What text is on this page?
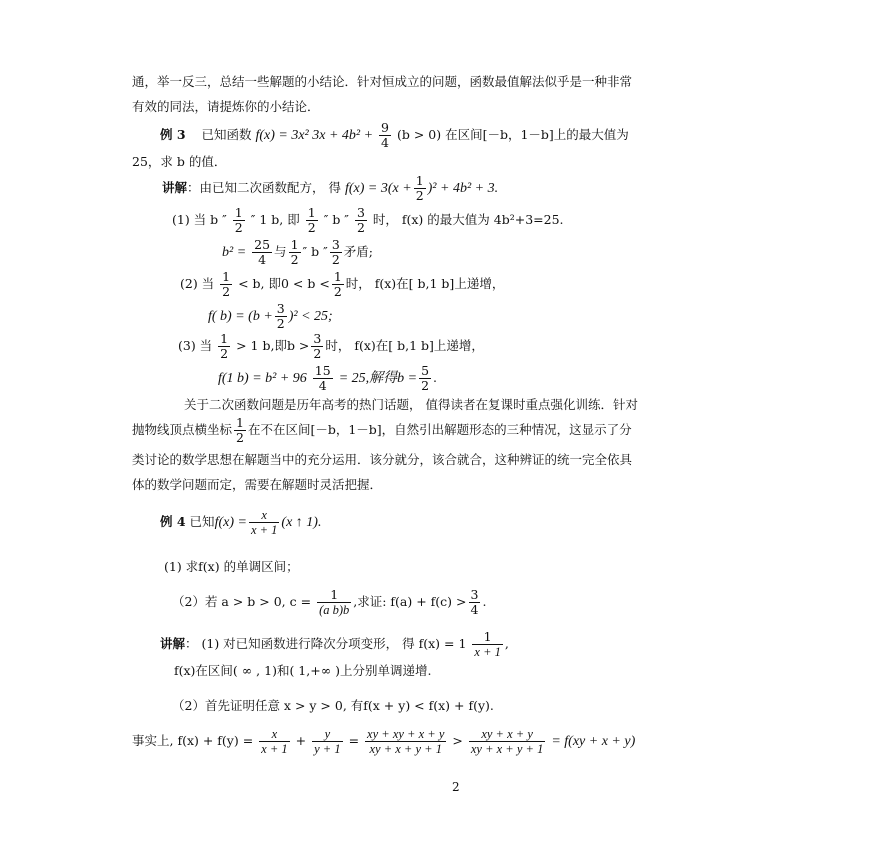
通，举一反三，总结一些解题的小结论．针对恒成立的问题，函数最值解法似乎是一种非常
有效的同法，请提炼你的小结论．
例 3 已知函数 f(x) = 3x² $3x + 4b^2 + \frac{9}{4} (b > 0)$ 在区间[－b，1－b]上的最大值为
25，求 b 的值．
讲解：由已知二次函数配方， 得 $f(x) = 3(x + \frac{1}{2} )^2 + 4b^2 + 3$.
(1) 当 b ″ $\frac{1}{2}$ ″ 1 b, 即 $\frac{1}{2}$ ″ b ″ $\frac{3}{2}$ 时， f(x) 的最大值为 4b²+3=25.
$b^2 = \frac{25}{4}$ 与 $\frac{1}{2}$ ″ b ″ $\frac{3}{2}$ 矛盾;
(2) 当 $\frac{1}{2} < b$, 即$0 < b < \frac{1}{2}$ 时， f(x)在[ b,1 b]上递增，
f( $b) = (b + \frac{3}{2} )^2 < 25$;
(3) 当 $\frac{1}{2} > 1$ b,即$b > \frac{3}{2}$ 时， f(x)在[ b,1 b]上递增，
f(1 $b) = b^2 + 96 \frac{15}{4} = 25$,解得$b = \frac{5}{2}$ .
关于二次函数问题是历年高考的热门话题， 值得读者在复课时重点强化训练．针对
抛物线顶点横坐标 $\frac{1}{2}$ 在不在区间[－b，1－b]，自然引出解题形态的三种情况，这显示了分
类讨论的数学思想在解题当中的充分运用．该分就分，该合就合，这种辨证的统一完全依具
体的数学问题而定，需要在解题时灵活把握．
例 4 已知$f(x) = \frac{x}{x + 1} (x$ ↑ 1).
(1) 求f(x) 的单调区间；
（2）若 a > b > 0, $c = \frac{1}{\text{(a b)b}}$ ,求证: $f(a) + f(c) > \frac{3}{4}$ .
讲解： (1) 对已知函数进行降次分项变形， 得 $f(x) = 1 \frac{1}{x + 1}$ ,
f(x)在区间( ∞ , 1)和( 1,+∞ )上分别单调递增.
（2）首先证明任意 x > y > 0, 有f(x + y) < f(x) + f(y).
事实上, $f(x) + f(y) = \frac{x}{x + 1} + \frac{y}{y + 1} = \frac{xy + xy + x + y}{xy + x + y + 1} > \frac{xy + x + y}{xy + x + y + 1} = f(xy + x + y)$
2
